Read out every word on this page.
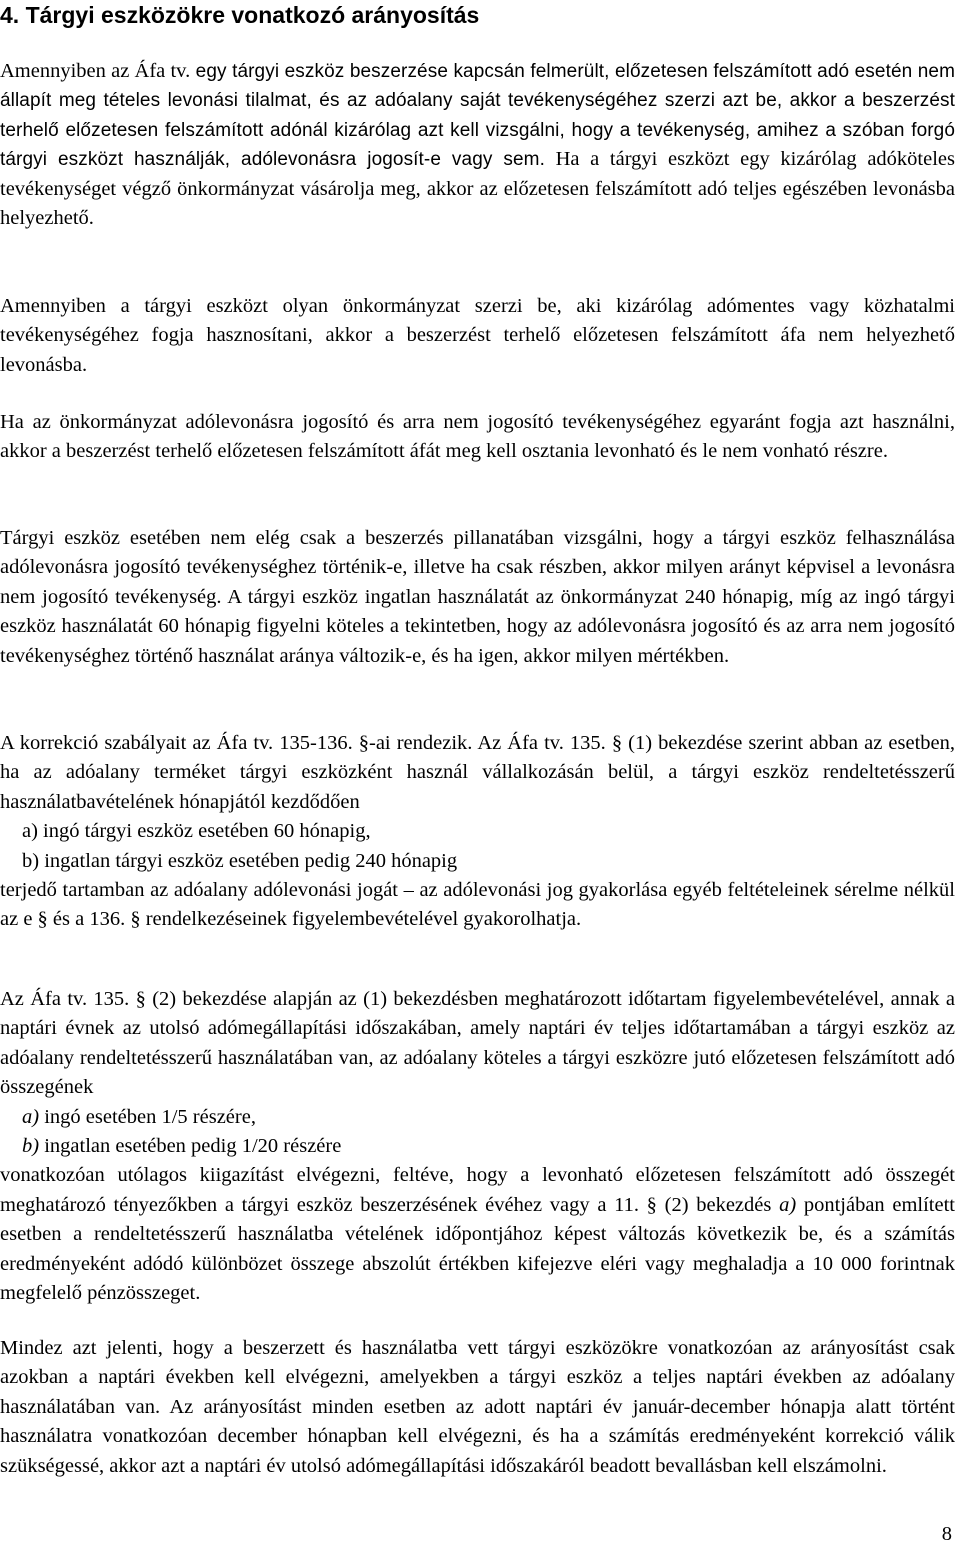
4. Tárgyi eszközökre vonatkozó arányosítás

Amennyiben az Áfa tv. egy tárgyi eszköz beszerzése kapcsán felmerült, előzetesen felszámított adó esetén nem állapít meg tételes levonási tilalmat, és az adóalany saját tevékenységéhez szerzi azt be, akkor a beszerzést terhelő előzetesen felszámított adónál kizárólag azt kell vizsgálni, hogy a tevékenység, amihez a szóban forgó tárgyi eszközt használják, adólevonásra jogosít-e vagy sem. Ha a tárgyi eszközt egy kizárólag adóköteles tevékenységet végző önkormányzat vásárolja meg, akkor az előzetesen felszámított adó teljes egészében levonásba helyezhető.

Amennyiben a tárgyi eszközt olyan önkormányzat szerzi be, aki kizárólag adómentes vagy közhatalmi tevékenységéhez fogja hasznosítani, akkor a beszerzést terhelő előzetesen felszámított áfa nem helyezhető levonásba.

Ha az önkormányzat adólevonásra jogosító és arra nem jogosító tevékenységéhez egyaránt fogja azt használni, akkor a beszerzést terhelő előzetesen felszámított áfát meg kell osztania levonható és le nem vonható részre.

Tárgyi eszköz esetében nem elég csak a beszerzés pillanatában vizsgálni, hogy a tárgyi eszköz felhasználása adólevonásra jogosító tevékenységhez történik-e, illetve ha csak részben, akkor milyen arányt képvisel a levonásra nem jogosító tevékenység. A tárgyi eszköz ingatlan használatát az önkormányzat 240 hónapig, míg az ingó tárgyi eszköz használatát 60 hónapig figyelni köteles a tekintetben, hogy az adólevonásra jogosító és az arra nem jogosító tevékenységhez történő használat aránya változik-e, és ha igen, akkor milyen mértékben.

A korrekció szabályait az Áfa tv. 135-136. §-ai rendezik. Az Áfa tv. 135. § (1) bekezdése szerint abban az esetben, ha az adóalany terméket tárgyi eszközként használ vállalkozásán belül, a tárgyi eszköz rendeltetésszerű használatbavételének hónapjától kezdődően
a) ingó tárgyi eszköz esetében 60 hónapig,
b) ingatlan tárgyi eszköz esetében pedig 240 hónapig
terjedő tartamban az adóalany adólevonási jogát – az adólevonási jog gyakorlása egyéb feltételeinek sérelme nélkül az e § és a 136. § rendelkezéseinek figyelembevételével gyakorolhatja.

Az Áfa tv. 135. § (2) bekezdése alapján az (1) bekezdésben meghatározott időtartam figyelembevételével, annak a naptári évnek az utolsó adómegállapítási időszakában, amely naptári év teljes időtartamában a tárgyi eszköz az adóalany rendeltetésszerű használatában van, az adóalany köteles a tárgyi eszközre jutó előzetesen felszámított adó összegének
a) ingó esetében 1/5 részére,
b) ingatlan esetében pedig 1/20 részére
vonatkozóan utólagos kiigazítást elvégezni, feltéve, hogy a levonható előzetesen felszámított adó összegét meghatározó tényezőkben a tárgyi eszköz beszerzésének évéhez vagy a 11. § (2) bekezdés a) pontjában említett esetben a rendeltetésszerű használatba vételének időpontjához képest változás következik be, és a számítás eredményeként adódó különbözet összege abszolút értékben kifejezve eléri vagy meghaladja a 10 000 forintnak megfelelő pénzösszeget.

Mindez azt jelenti, hogy a beszerzett és használatba vett tárgyi eszközökre vonatkozóan az arányosítást csak azokban a naptári években kell elvégezni, amelyekben a tárgyi eszköz a teljes naptári években az adóalany használatában van. Az arányosítást minden esetben az adott naptári év január-december hónapja alatt történt használatra vonatkozóan december hónapban kell elvégezni, és ha a számítás eredményeként korrekció válik szükségessé, akkor azt a naptári év utolsó adómegállapítási időszakáról beadott bevallásban kell elszámolni.

8
